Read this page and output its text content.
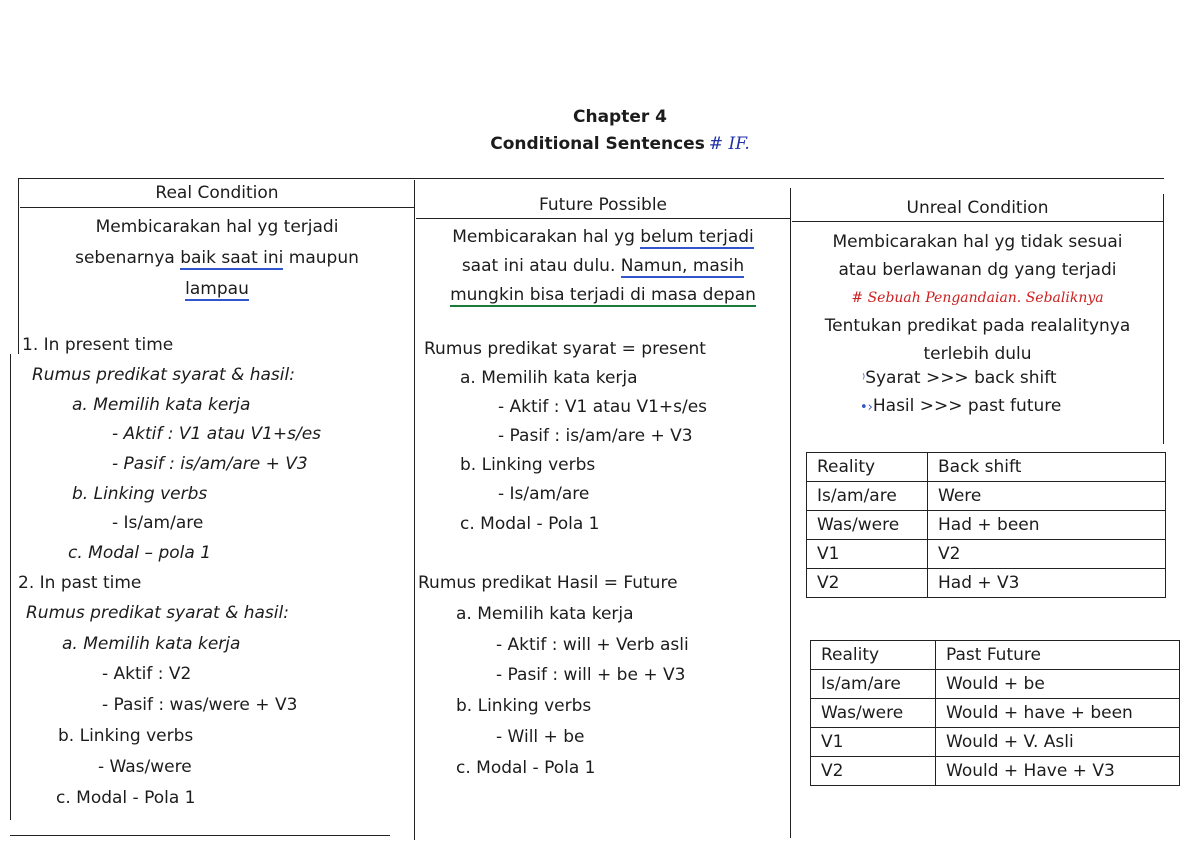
Chapter 4
Conditional Sentences # IF.
Real Condition
Membicarakan hal yg terjadi
sebenarnya baik saat ini maupun
lampau
1. In present time
Rumus predikat syarat & hasil:
a. Memilih kata kerja
- Aktif : V1 atau V1+s/es
- Pasif : is/am/are + V3
b. Linking verbs
- Is/am/are
c. Modal – pola 1
2. In past time
Rumus predikat syarat & hasil:
a. Memilih kata kerja
- Aktif : V2
- Pasif : was/were + V3
b. Linking verbs
- Was/were
c. Modal - Pola 1
Future Possible
Membicarakan hal yg belum terjadi
saat ini atau dulu. Namun, masih
mungkin bisa terjadi di masa depan
Rumus predikat syarat = present
a. Memilih kata kerja
- Aktif : V1 atau V1+s/es
- Pasif : is/am/are + V3
b. Linking verbs
- Is/am/are
c. Modal - Pola 1
Rumus predikat Hasil = Future
a. Memilih kata kerja
- Aktif : will + Verb asli
- Pasif : will + be + V3
b. Linking verbs
- Will + be
c. Modal - Pola 1
Unreal Condition
Membicarakan hal yg tidak sesuai
atau berlawanan dg yang terjadi
# Sebuah Pengandaian. Sebaliknya
Tentukan predikat pada realalitynya
terlebih dulu
⁾Syarat >>> back shift
•›Hasil >>> past future
Reality	Back shift
Is/am/are	Were
Was/were	Had + been
V1	V2
V2	Had + V3
Reality	Past Future
Is/am/are	Would + be
Was/were	Would + have + been
V1	Would + V. Asli
V2	Would + Have + V3
